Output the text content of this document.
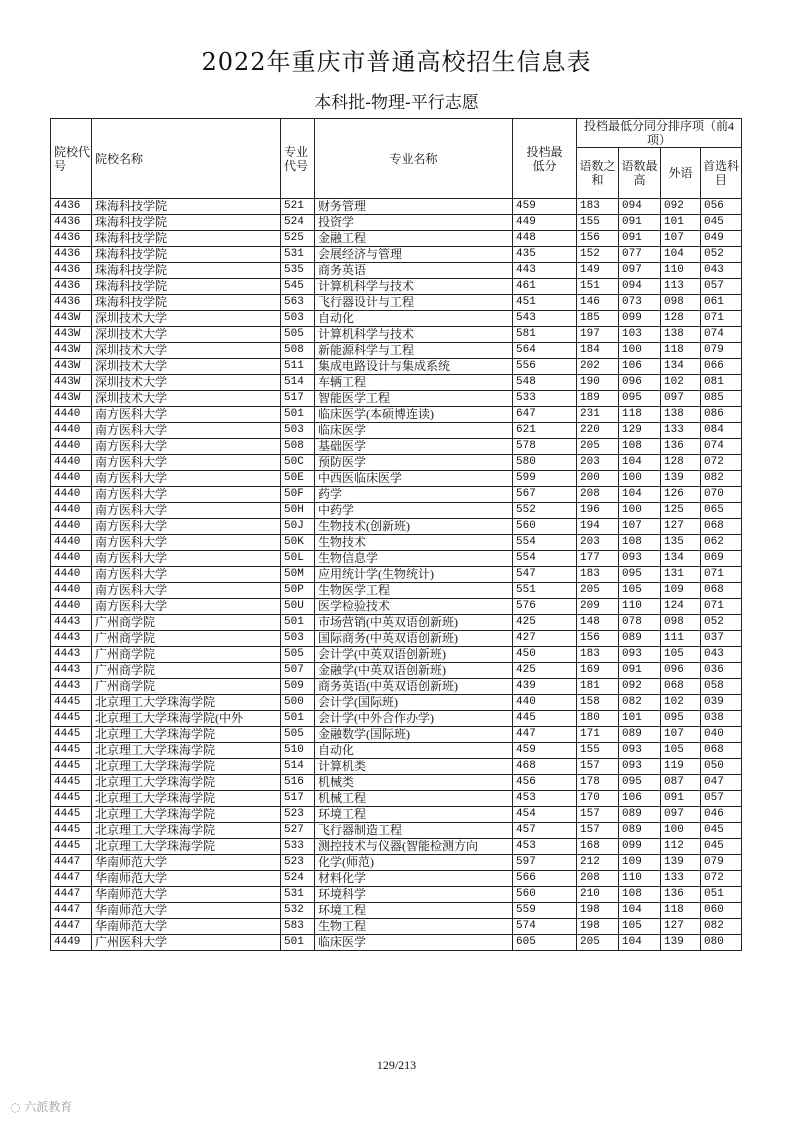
2022年重庆市普通高校招生信息表
本科批-物理-平行志愿
院校代号	院校名称	专业代号	专业名称	投档最低分	投档最低分同分排序项（前4项）			
					语数之和	语数最高	外语	首选科目
4436	珠海科技学院	521	财务管理	459	183	094	092	056
4436	珠海科技学院	524	投资学	449	155	091	101	045
4436	珠海科技学院	525	金融工程	448	156	091	107	049
4436	珠海科技学院	531	会展经济与管理	435	152	077	104	052
4436	珠海科技学院	535	商务英语	443	149	097	110	043
4436	珠海科技学院	545	计算机科学与技术	461	151	094	113	057
4436	珠海科技学院	563	飞行器设计与工程	451	146	073	098	061
443W	深圳技术大学	503	自动化	543	185	099	128	071
443W	深圳技术大学	505	计算机科学与技术	581	197	103	138	074
443W	深圳技术大学	508	新能源科学与工程	564	184	100	118	079
443W	深圳技术大学	511	集成电路设计与集成系统	556	202	106	134	066
443W	深圳技术大学	514	车辆工程	548	190	096	102	081
443W	深圳技术大学	517	智能医学工程	533	189	095	097	085
4440	南方医科大学	501	临床医学(本硕博连读)	647	231	118	138	086
4440	南方医科大学	503	临床医学	621	220	129	133	084
4440	南方医科大学	508	基础医学	578	205	108	136	074
4440	南方医科大学	50C	预防医学	580	203	104	128	072
4440	南方医科大学	50E	中西医临床医学	599	200	100	139	082
4440	南方医科大学	50F	药学	567	208	104	126	070
4440	南方医科大学	50H	中药学	552	196	100	125	065
4440	南方医科大学	50J	生物技术(创新班)	560	194	107	127	068
4440	南方医科大学	50K	生物技术	554	203	108	135	062
4440	南方医科大学	50L	生物信息学	554	177	093	134	069
4440	南方医科大学	50M	应用统计学(生物统计)	547	183	095	131	071
4440	南方医科大学	50P	生物医学工程	551	205	105	109	068
4440	南方医科大学	50U	医学检验技术	576	209	110	124	071
4443	广州商学院	501	市场营销(中英双语创新班)	425	148	078	098	052
4443	广州商学院	503	国际商务(中英双语创新班)	427	156	089	111	037
4443	广州商学院	505	会计学(中英双语创新班)	450	183	093	105	043
4443	广州商学院	507	金融学(中英双语创新班)	425	169	091	096	036
4443	广州商学院	509	商务英语(中英双语创新班)	439	181	092	068	058
4445	北京理工大学珠海学院	500	会计学(国际班)	440	158	082	102	039
4445	北京理工大学珠海学院(中外	501	会计学(中外合作办学)	445	180	101	095	038
4445	北京理工大学珠海学院	505	金融数学(国际班)	447	171	089	107	040
4445	北京理工大学珠海学院	510	自动化	459	155	093	105	068
4445	北京理工大学珠海学院	514	计算机类	468	157	093	119	050
4445	北京理工大学珠海学院	516	机械类	456	178	095	087	047
4445	北京理工大学珠海学院	517	机械工程	453	170	106	091	057
4445	北京理工大学珠海学院	523	环境工程	454	157	089	097	046
4445	北京理工大学珠海学院	527	飞行器制造工程	457	157	089	100	045
4445	北京理工大学珠海学院	533	测控技术与仪器(智能检测方向	453	168	099	112	045
4447	华南师范大学	523	化学(师范)	597	212	109	139	079
4447	华南师范大学	524	材料化学	566	208	110	133	072
4447	华南师范大学	531	环境科学	560	210	108	136	051
4447	华南师范大学	532	环境工程	559	198	104	118	060
4447	华南师范大学	583	生物工程	574	198	105	127	082
4449	广州医科大学	501	临床医学	605	205	104	139	080
129/213
◌ 六派教育
